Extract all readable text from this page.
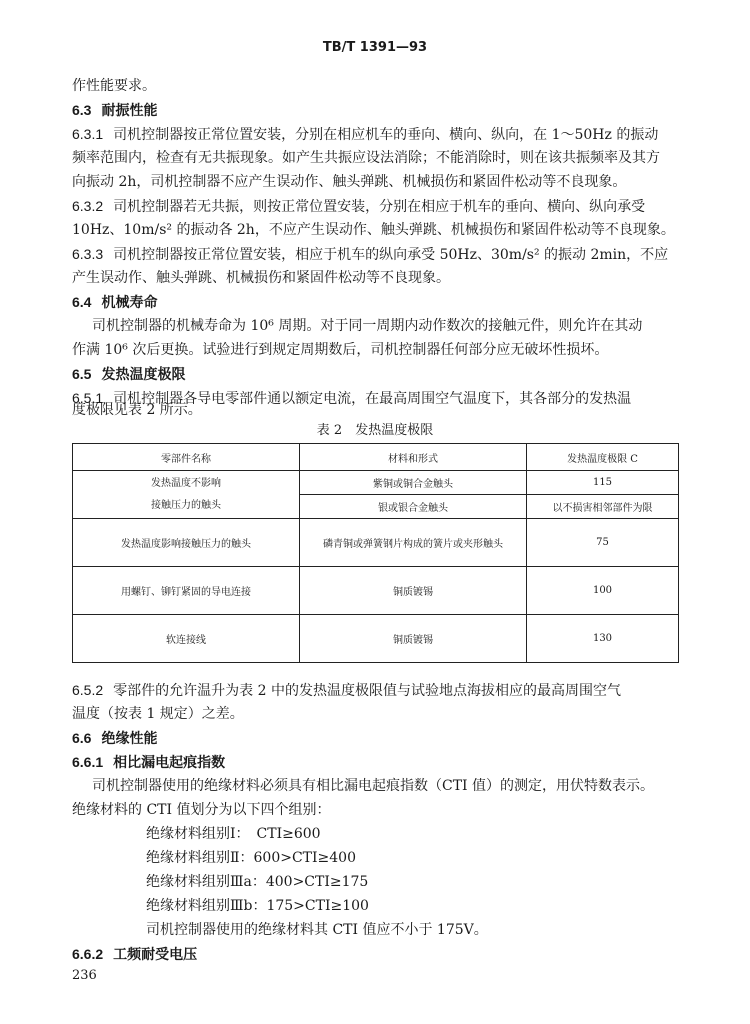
TB/T 1391—93
作性能要求。
6.3 耐振性能
6.3.1 司机控制器按正常位置安装，分别在相应机车的垂向、横向、纵向，在 1～50Hz 的振动
频率范围内，检查有无共振现象。如产生共振应设法消除；不能消除时，则在该共振频率及其方
向振动 2h，司机控制器不应产生误动作、触头弹跳、机械损伤和紧固件松动等不良现象。
6.3.2 司机控制器若无共振，则按正常位置安装，分别在相应于机车的垂向、横向、纵向承受
10Hz、10m/s² 的振动各 2h，不应产生误动作、触头弹跳、机械损伤和紧固件松动等不良现象。
6.3.3 司机控制器按正常位置安装，相应于机车的纵向承受 50Hz、30m/s² 的振动 2min，不应
产生误动作、触头弹跳、机械损伤和紧固件松动等不良现象。
6.4 机械寿命
司机控制器的机械寿命为 10⁶ 周期。对于同一周期内动作数次的接触元件，则允许在其动
作满 10⁶ 次后更换。试验进行到规定周期数后，司机控制器任何部分应无破坏性损坏。
6.5 发热温度极限
6.5.1 司机控制器各导电零部件通以额定电流，在最高周围空气温度下，其各部分的发热温
表 2　发热温度极限
零部件名称	材料和形式	发热温度极限 C

发热温度不影响
接触压力的触头	紫铜或铜合金触头	115
	银或银合金触头	以不损害相邻部件为限
发热温度影响接触压力的触头	磷青铜或弹簧钢片构成的簧片或夹形触头	75
用螺钉、铆钉紧固的导电连接	铜质镀锡	100
软连接线	铜质镀锡	130
6.5.2 零部件的允许温升为表 2 中的发热温度极限值与试验地点海拔相应的最高周围空气
温度（按表 1 规定）之差。
6.6 绝缘性能
6.6.1 相比漏电起痕指数
司机控制器使用的绝缘材料必须具有相比漏电起痕指数（CTI 值）的测定，用伏特数表示。
绝缘材料的 CTI 值划分为以下四个组别：
绝缘材料组别Ⅰ：　CTI≥600
绝缘材料组别Ⅱ：600>CTI≥400
绝缘材料组别Ⅲa：400>CTI≥175
绝缘材料组别Ⅲb：175>CTI≥100
司机控制器使用的绝缘材料其 CTI 值应不小于 175V。
6.6.2 工频耐受电压
236
度极限见表 2 所示。
